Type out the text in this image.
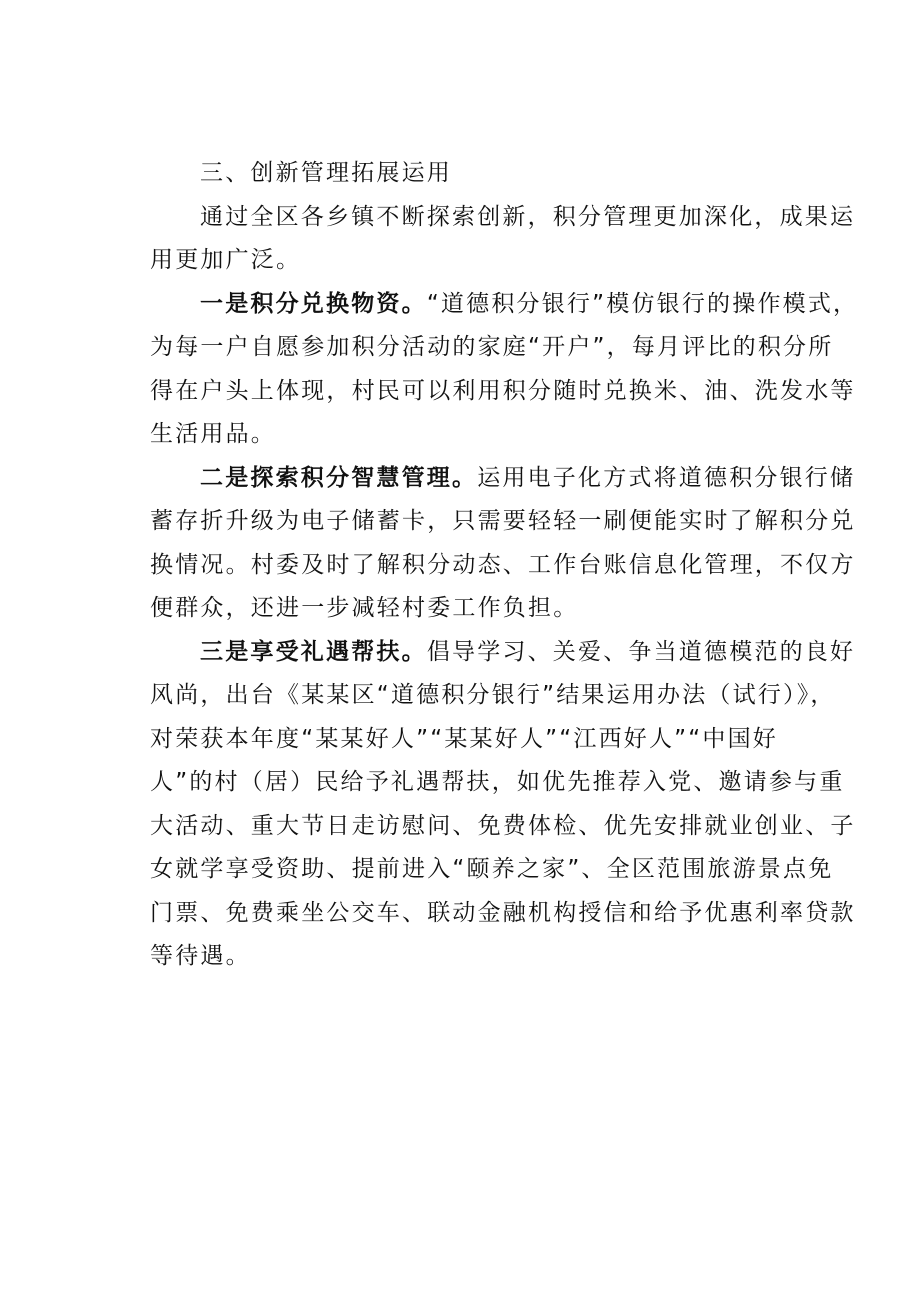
三、创新管理拓展运用
通过全区各乡镇不断探索创新，积分管理更加深化，成果运
用更加广泛。
一是积分兑换物资。“道德积分银行”模仿银行的操作模式，
为每一户自愿参加积分活动的家庭“开户”，每月评比的积分所
得在户头上体现，村民可以利用积分随时兑换米、油、洗发水等
生活用品。
二是探索积分智慧管理。运用电子化方式将道德积分银行储
蓄存折升级为电子储蓄卡，只需要轻轻一刷便能实时了解积分兑
换情况。村委及时了解积分动态、工作台账信息化管理，不仅方
便群众，还进一步减轻村委工作负担。
三是享受礼遇帮扶。倡导学习、关爱、争当道德模范的良好
风尚，出台《某某区“道德积分银行”结果运用办法（试行）》，
对荣获本年度“某某好人”“某某好人”“江西好人”“中国好
人”的村（居）民给予礼遇帮扶，如优先推荐入党、邀请参与重
大活动、重大节日走访慰问、免费体检、优先安排就业创业、子
女就学享受资助、提前进入“颐养之家”、全区范围旅游景点免
门票、免费乘坐公交车、联动金融机构授信和给予优惠利率贷款
等待遇。
